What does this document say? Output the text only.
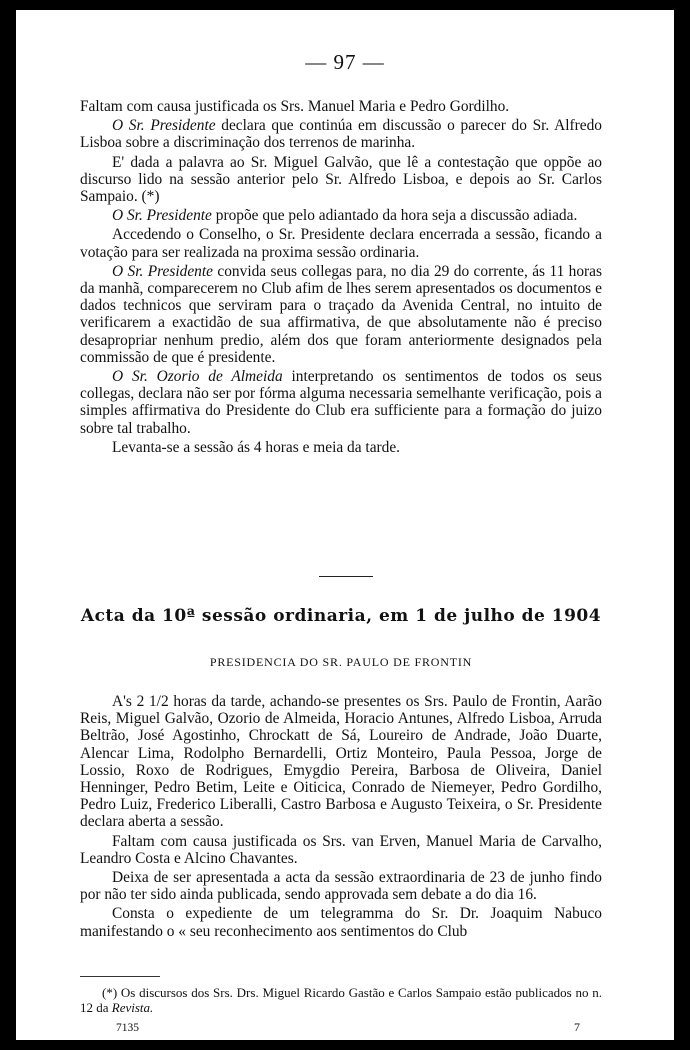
— 97 —

Faltam com causa justificada os Srs. Manuel Maria e Pedro Gordilho.

O Sr. Presidente declara que continúa em discussão o parecer do Sr. Alfredo Lisboa sobre a discriminação dos terrenos de marinha.

E' dada a palavra ao Sr. Miguel Galvão, que lê a contestação que oppõe ao discurso lido na sessão anterior pelo Sr. Alfredo Lisboa, e depois ao Sr. Carlos Sampaio. (*)

O Sr. Presidente propõe que pelo adiantado da hora seja a discussão adiada.

Accedendo o Conselho, o Sr. Presidente declara encerrada a sessão, ficando a votação para ser realizada na proxima sessão ordinaria.

O Sr. Presidente convida seus collegas para, no dia 29 do corrente, ás 11 horas da manhã, comparecerem no Club afim de lhes serem apresentados os documentos e dados technicos que serviram para o traçado da Avenida Central, no intuito de verificarem a exactidão de sua affirmativa, de que absolutamente não é preciso desapropriar nenhum predio, além dos que foram anteriormente designados pela commissão de que é presidente.

O Sr. Ozorio de Almeida interpretando os sentimentos de todos os seus collegas, declara não ser por fórma alguma necessaria semelhante verificação, pois a simples affirmativa do Presidente do Club era sufficiente para a formação do juizo sobre tal trabalho.

Levanta-se a sessão ás 4 horas e meia da tarde.

Acta da 10ª sessão ordinaria, em 1 de julho de 1904
PRESIDENCIA DO SR. PAULO DE FRONTIN

A's 2 1/2 horas da tarde, achando-se presentes os Srs. Paulo de Frontin, Aarão Reis, Miguel Galvão, Ozorio de Almeida, Horacio Antunes, Alfredo Lisboa, Arruda Beltrão, José Agostinho, Chrockatt de Sá, Loureiro de Andrade, João Duarte, Alencar Lima, Rodolpho Bernardelli, Ortiz Monteiro, Paula Pessoa, Jorge de Lossio, Roxo de Rodrigues, Emygdio Pereira, Barbosa de Oliveira, Daniel Henninger, Pedro Betim, Leite e Oiticica, Conrado de Niemeyer, Pedro Gordilho, Pedro Luiz, Frederico Liberalli, Castro Barbosa e Augusto Teixeira, o Sr. Presidente declara aberta a sessão.

Faltam com causa justificada os Srs. van Erven, Manuel Maria de Carvalho, Leandro Costa e Alcino Chavantes.

Deixa de ser apresentada a acta da sessão extraordinaria de 23 de junho findo por não ter sido ainda publicada, sendo approvada sem debate a do dia 16.

Consta o expediente de um telegramma do Sr. Dr. Joaquim Nabuco manifestando o « seu reconhecimento aos sentimentos do Club

(*) Os discursos dos Srs. Drs. Miguel Ricardo Gastão e Carlos Sampaio estão publicados no n. 12 da Revista.

7135	7
